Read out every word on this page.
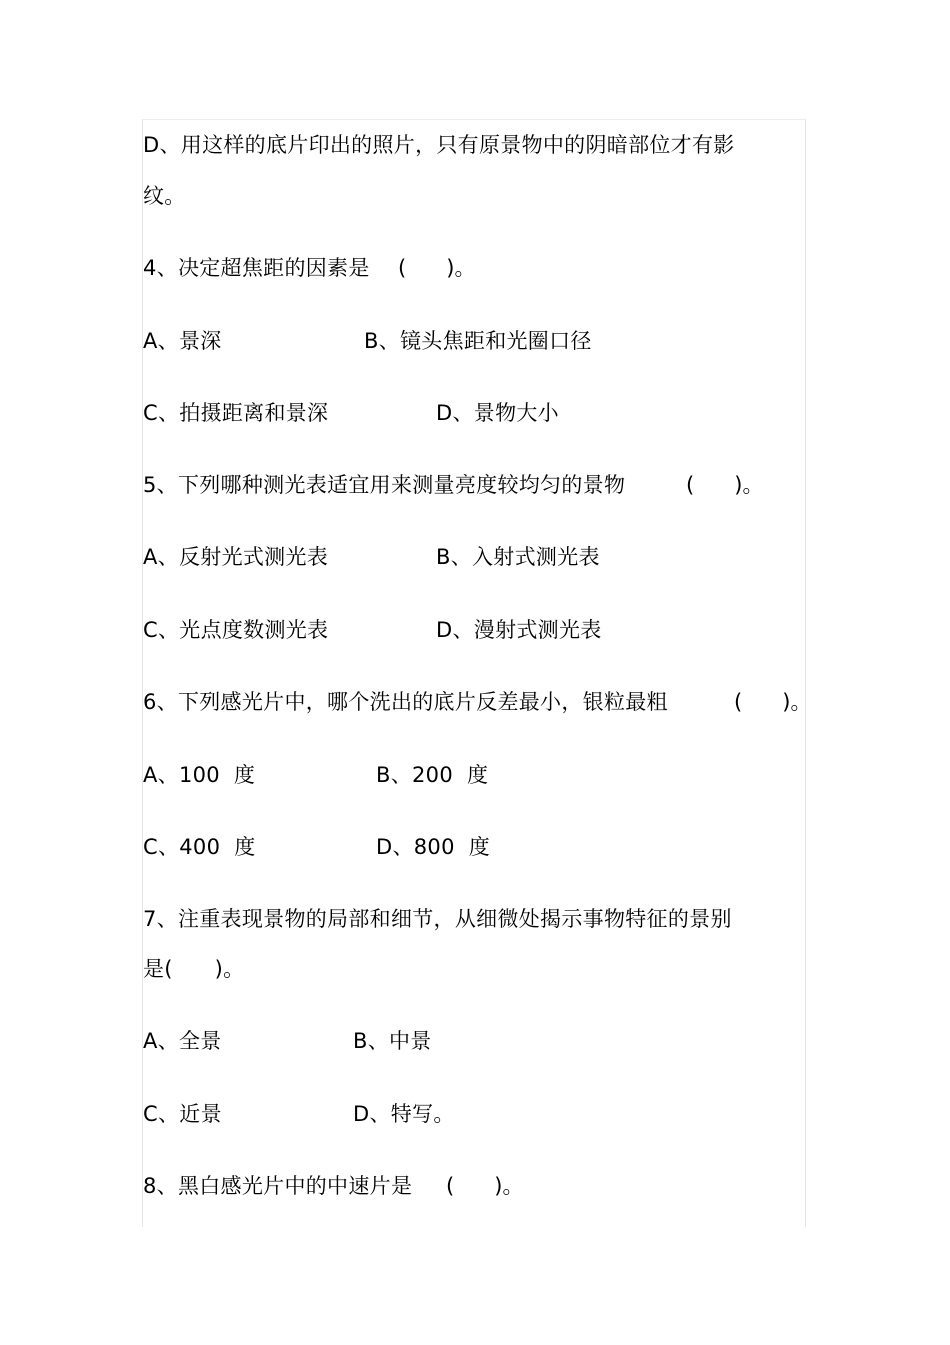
D、用这样的底片印出的照片，只有原景物中的阴暗部位才有影
纹。
4、决定超焦距的因素是 (      )。
A、景深	B、镜头焦距和光圈口径
C、拍摄距离和景深	D、景物大小
5、下列哪种测光表适宜用来测量亮度较均匀的景物	(      )。
A、反射光式测光表	B、入射式测光表
C、光点度数测光表	D、漫射式测光表
6、下列感光片中，哪个洗出的底片反差最小，银粒最粗	(      )。
A、100  度	B、200  度
C、400  度	D、800  度
7、注重表现景物的局部和细节，从细微处揭示事物特征的景别
是(      )。
A、全景	B、中景
C、近景	D、特写。
8、黑白感光片中的中速片是 (      )。
